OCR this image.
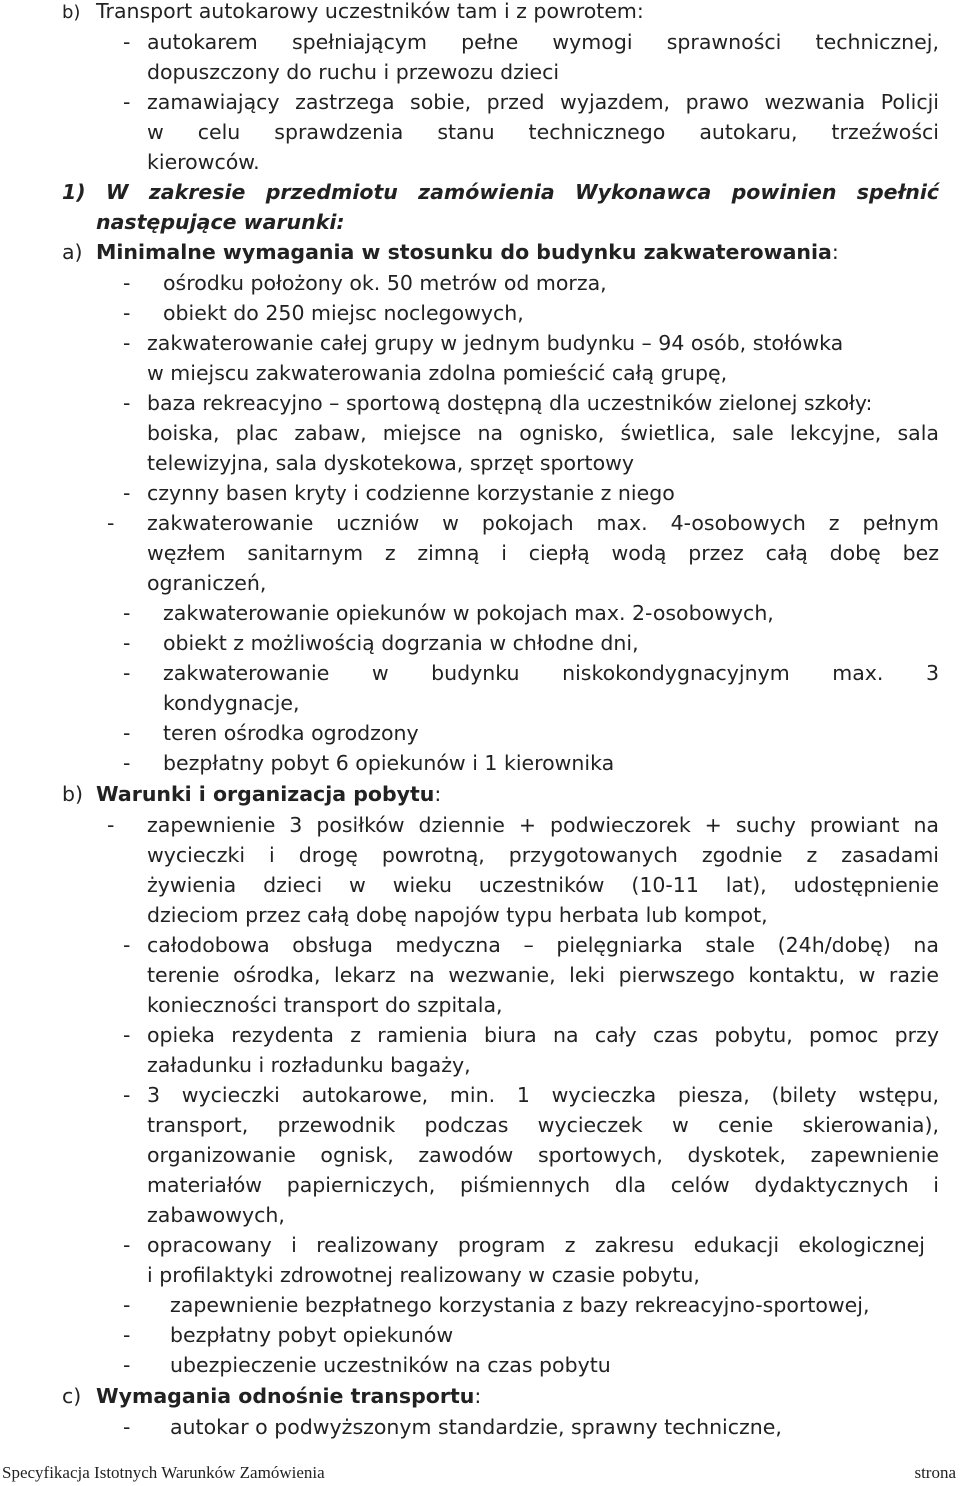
b) Transport autokarowy uczestników tam i z powrotem:
- autokarem spełniającym pełne wymogi sprawności technicznej,
dopuszczony do ruchu i przewozu dzieci
- zamawiający zastrzega sobie, przed wyjazdem, prawo wezwania Policji
w celu sprawdzenia stanu technicznego autokaru, trzeźwości
kierowców.
1) W zakresie przedmiotu zamówienia Wykonawca powinien spełnić
następujące warunki:
a) Minimalne wymagania w stosunku do budynku zakwaterowania:
- ośrodku położony ok. 50 metrów od morza,
- obiekt do 250 miejsc noclegowych,
- zakwaterowanie całej grupy w jednym budynku – 94 osób, stołówka
w miejscu zakwaterowania zdolna pomieścić całą grupę,
- baza rekreacyjno – sportową dostępną dla uczestników zielonej szkoły:
boiska, plac zabaw, miejsce na ognisko, świetlica, sale lekcyjne, sala
telewizyjna, sala dyskotekowa, sprzęt sportowy
- czynny basen kryty i codzienne korzystanie z niego
- zakwaterowanie uczniów w pokojach max. 4-osobowych z pełnym
węzłem sanitarnym z zimną i ciepłą wodą przez całą dobę bez
ograniczeń,
- zakwaterowanie opiekunów w pokojach max. 2-osobowych,
- obiekt z możliwością dogrzania w chłodne dni,
- zakwaterowanie w budynku niskokondygnacyjnym max. 3
kondygnacje,
- teren ośrodka ogrodzony
- bezpłatny pobyt 6 opiekunów i 1 kierownika
b) Warunki i organizacja pobytu:
- zapewnienie 3 posiłków dziennie + podwieczorek + suchy prowiant na
wycieczki i drogę powrotną, przygotowanych zgodnie z zasadami
żywienia dzieci w wieku uczestników (10-11 lat), udostępnienie
dzieciom przez całą dobę napojów typu herbata lub kompot,
- całodobowa obsługa medyczna – pielęgniarka stale (24h/dobę) na
terenie ośrodka, lekarz na wezwanie, leki pierwszego kontaktu, w razie
konieczności transport do szpitala,
- opieka rezydenta z ramienia biura na cały czas pobytu, pomoc przy
załadunku i rozładunku bagaży,
- 3 wycieczki autokarowe, min. 1 wycieczka piesza, (bilety wstępu,
transport, przewodnik podczas wycieczek w cenie skierowania),
organizowanie ognisk, zawodów sportowych, dyskotek, zapewnienie
materiałów papierniczych, piśmiennych dla celów dydaktycznych i
zabawowych,
- opracowany i realizowany program z zakresu edukacji ekologicznej
i profilaktyki zdrowotnej realizowany w czasie pobytu,
- zapewnienie bezpłatnego korzystania z bazy rekreacyjno-sportowej,
- bezpłatny pobyt opiekunów
- ubezpieczenie uczestników na czas pobytu
c) Wymagania odnośnie transportu:
- autokar o podwyższonym standardzie, sprawny techniczne,
Specyfikacja Istotnych Warunków Zamówienia	strona
